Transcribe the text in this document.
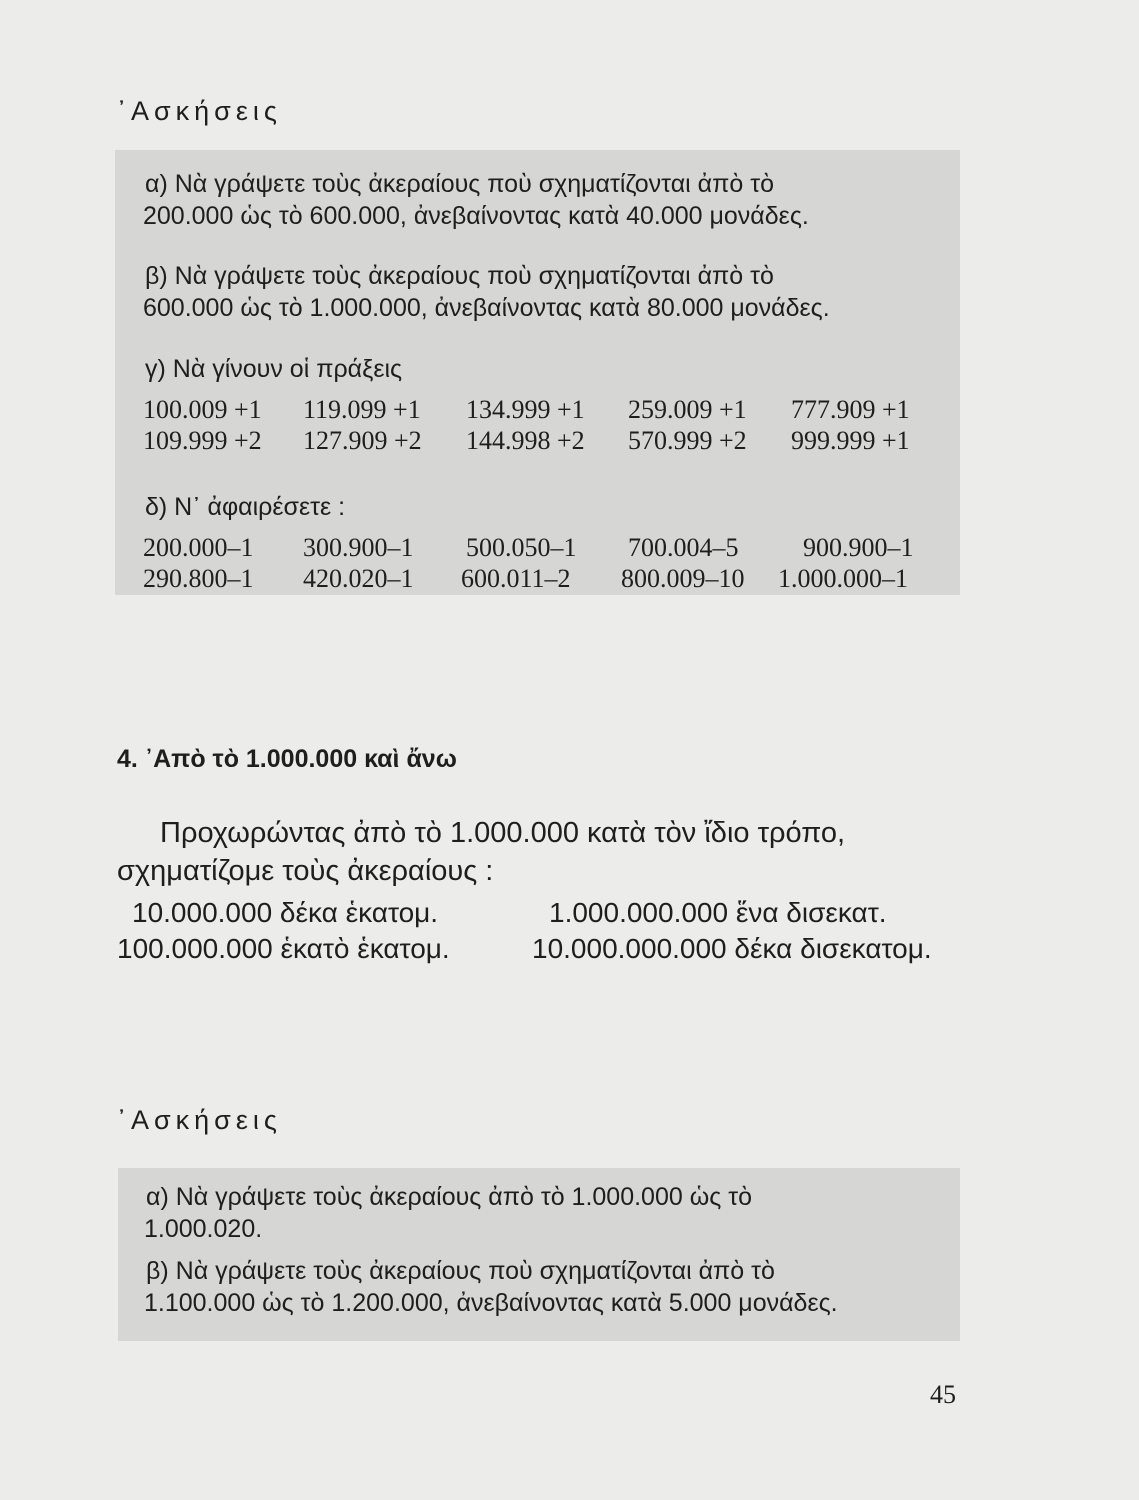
᾿Ασκήσεις
α) Νὰ γράψετε τοὺς ἀκεραίους ποὺ σχηματίζονται ἀπὸ τὸ
200.000 ὡς τὸ 600.000, ἀνεβαίνοντας κατὰ 40.000 μονάδες.
β) Νὰ γράψετε τοὺς ἀκεραίους ποὺ σχηματίζονται ἀπὸ τὸ
600.000 ὡς τὸ 1.000.000, ἀνεβαίνοντας κατὰ 80.000 μονάδες.
γ) Νὰ γίνουν οἱ πράξεις
100.009 +1 119.099 +1 134.999 +1 259.009 +1 777.909 +1
109.999 +2 127.909 +2 144.998 +2 570.999 +2 999.999 +1
δ) Ν᾿ ἀφαιρέσετε :
200.000–1 300.900–1 500.050–1 700.004–5 900.900–1
290.800–1 420.020–1 600.011–2 800.009–10 1.000.000–1
4. ᾿Απὸ τὸ 1.000.000 καὶ ἄνω
Προχωρώντας ἀπὸ τὸ 1.000.000 κατὰ τὸν ἴδιο τρόπο,
σχηματίζομε τοὺς ἀκεραίους :
10.000.000 δέκα ἑκατομ.	1.000.000.000 ἕνα δισεκατ.
100.000.000 ἑκατὸ ἑκατομ.	10.000.000.000 δέκα δισεκατομ.
᾿Ασκήσεις
α) Νὰ γράψετε τοὺς ἀκεραίους ἀπὸ τὸ 1.000.000 ὡς τὸ
1.000.020.
β) Νὰ γράψετε τοὺς ἀκεραίους ποὺ σχηματίζονται ἀπὸ τὸ
1.100.000 ὡς τὸ 1.200.000, ἀνεβαίνοντας κατὰ 5.000 μονάδες.
45
